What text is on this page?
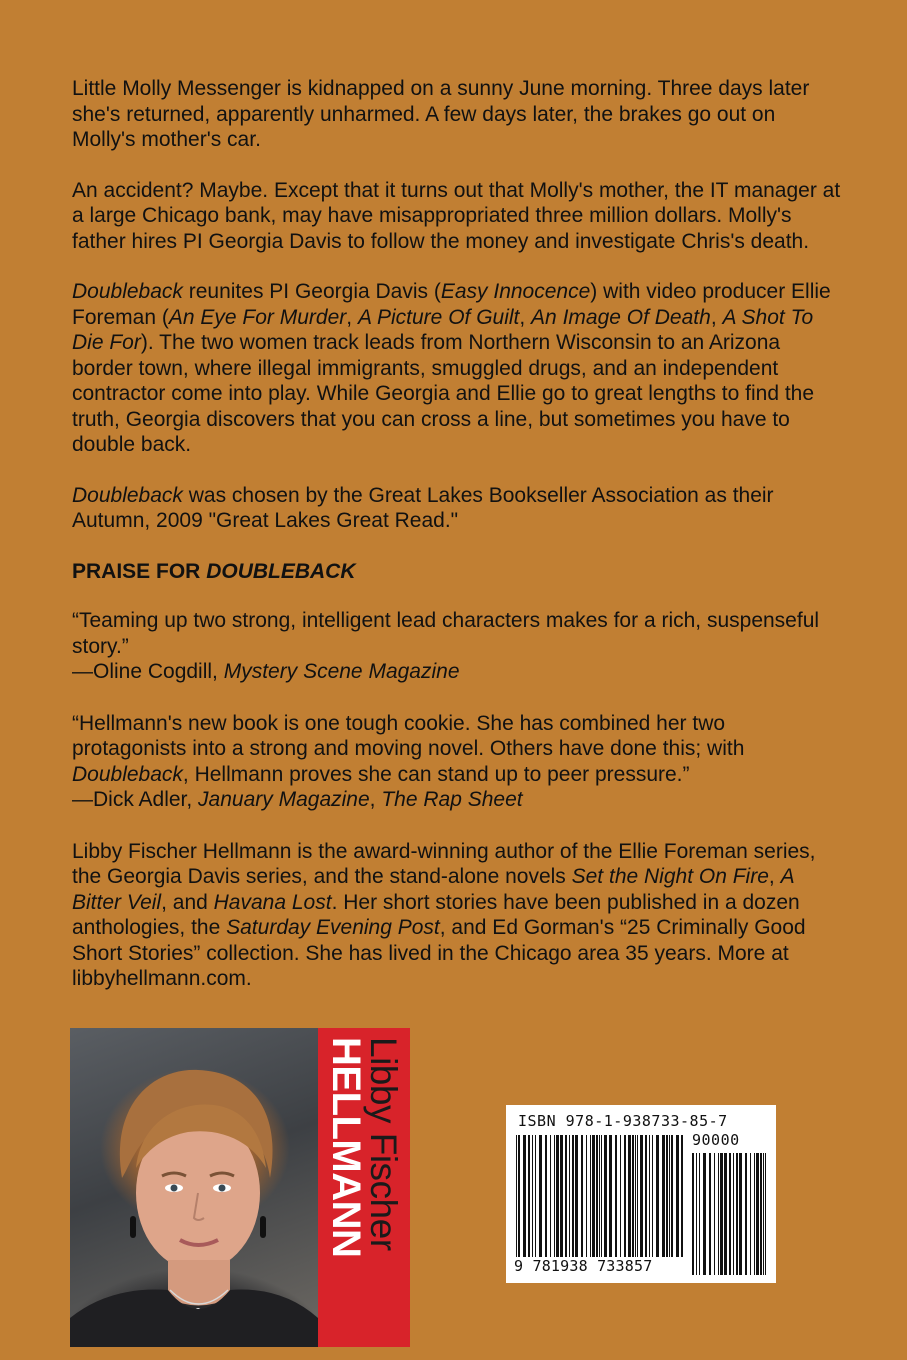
Little Molly Messenger is kidnapped on a sunny June morning. Three days later she's returned, apparently unharmed. A few days later, the brakes go out on Molly's mother's car.

An accident? Maybe. Except that it turns out that Molly's mother, the IT manager at a large Chicago bank, may have misappropriated three million dollars. Molly's father hires PI Georgia Davis to follow the money and investigate Chris's death.

Doubleback reunites PI Georgia Davis (Easy Innocence) with video producer Ellie Foreman (An Eye For Murder, A Picture Of Guilt, An Image Of Death, A Shot To Die For). The two women track leads from Northern Wisconsin to an Arizona border town, where illegal immigrants, smuggled drugs, and an independent contractor come into play. While Georgia and Ellie go to great lengths to find the truth, Georgia discovers that you can cross a line, but sometimes you have to double back.

Doubleback was chosen by the Great Lakes Bookseller Association as their Autumn, 2009 "Great Lakes Great Read."

PRAISE FOR DOUBLEBACK

“Teaming up two strong, intelligent lead characters makes for a rich, suspenseful story.”
—Oline Cogdill, Mystery Scene Magazine

“Hellmann's new book is one tough cookie. She has combined her two protagonists into a strong and moving novel. Others have done this; with Doubleback, Hellmann proves she can stand up to peer pressure.”
—Dick Adler, January Magazine, The Rap Sheet

Libby Fischer Hellmann is the award-winning author of the Ellie Foreman series, the Georgia Davis series, and the stand-alone novels Set the Night On Fire, A Bitter Veil, and Havana Lost. Her short stories have been published in a dozen anthologies, the Saturday Evening Post, and Ed Gorman's “25 Criminally Good Short Stories” collection. She has lived in the Chicago area 35 years. More at libbyhellmann.com.

Libby Fischer
HELLMANN	ISBN 978-1-938733-85-7
90000
9 781938 733857
